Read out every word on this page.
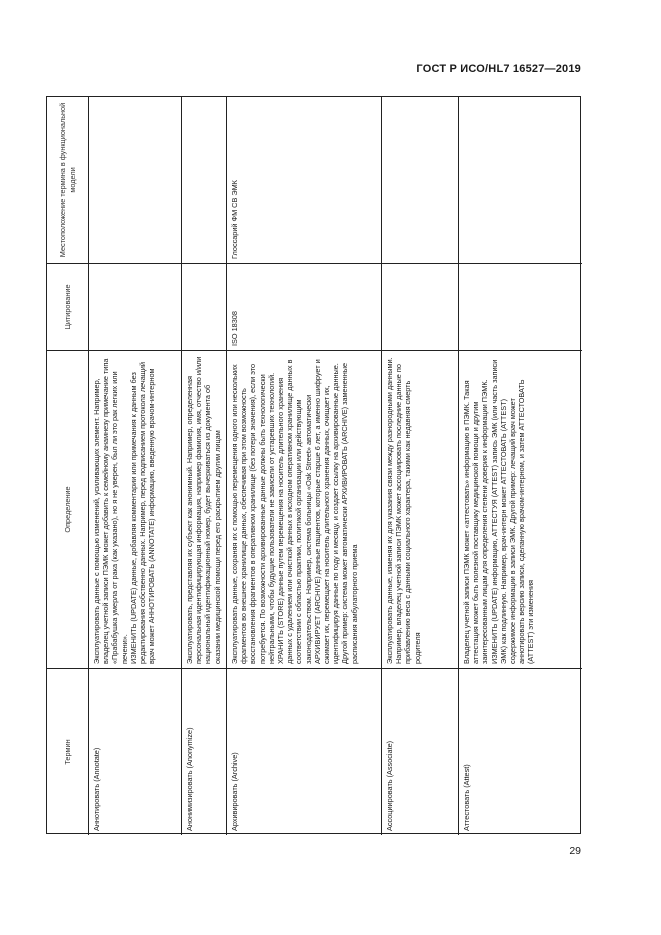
ГОСТ Р ИСО/HL7 16527—2019
Термин
Определение
Цитирование
Местоположение термина в функциональной модели
Аннотировать (Annotate)

Эксплуатировать данные с помощью изменений, усиливающих элемент. Например, владелец учетной записи ПЭМК может добавить к семейному анамнезу примечание типа «Прабабушка умерла от рака (как указано), но я не уверен, был ли это рак легких или печени». ИЗМЕНИТЬ (UPDATE) данные, добавляя комментарии или примечания к данным без редактирования собственно данных. Например, перед подписанием протокола лечащий врач может АННОТИРОВАТЬ (ANNOTATE) информацию, введенную врачом-интерном

Анонимизировать (Anonymize)

Эксплуатировать, представляя их субъект как анонимный. Например, определенная персональная идентифицирующая информация, например фамилия, имя, отчество и/или национальный идентификационный номер, будет вычеркиваться из документа об оказании медицинской помощи перед его раскрытием другим лицам

Архивировать (Archive)

Эксплуатировать данные, сохраняя их с помощью перемещения одного или нескольких фрагментов во внешнее хранилище данных, обеспечивая при этом возможность восстановления фрагментов в оперативном хранилище (без потери значения), если это потребуется. По возможности архивированные данные должны быть технологически нейтральными, чтобы будущие пользователи не зависели от устаревших технологий. ХРАНИТЬ (STORE) данные путем перемещения на носитель длительного хранения данных с удалением или очисткой данных в исходном оперативном хранилище данных в соответствии с областью практики, политикой организации или действующим законодательством. Например, система больницы «Oak Street» автоматически АРХИВИРУЕТ (ARCHIVE) данные пациентов, которые старше 6 лет, а именно шифрует и сжимает их, перемещает на носитель длительного хранения данных, очищает их, идентифицируя данные по году и месяцу, и создает ссылку на архивированные данные. Другой пример: система может автоматически АРХИВИРОВАТЬ (ARCHIVE) замененные расписания амбулаторного приема

ISO 18308
Глоссарий ФМ СВ ЭМК
Ассоциировать (Associate)

Эксплуатировать данные, изменяя их для указания связи между разнородными данными. Например, владелец учетной записи ПЭМК может ассоциировать последние данные по прибавлению веса с данными социального характера, такими как недавняя смерть родителя

Аттестовать (Attest)

Владелец учетной записи ПЭМК может «аттестовать» информацию в ПЭМК. Такая аттестация может быть полезной поставщику медицинской помощи и другим заинтересованным лицам для определения степени доверия к информации ПЭМК. ИЗМЕНИТЬ (UPDATE) информацию, АТТЕСТУЯ (ATTEST) запись ЭМК (или часть записи ЭМК) как подлинную. Например, врач-интерн может АТТЕСТОВАТЬ (ATTEST) содержимое информации в записи ЭМК. Другой пример: лечащий врач может аннотировать версию записи, сделанную врачом-интерном, и затем АТТЕСТОВАТЬ (ATTEST) эти изменения

29
